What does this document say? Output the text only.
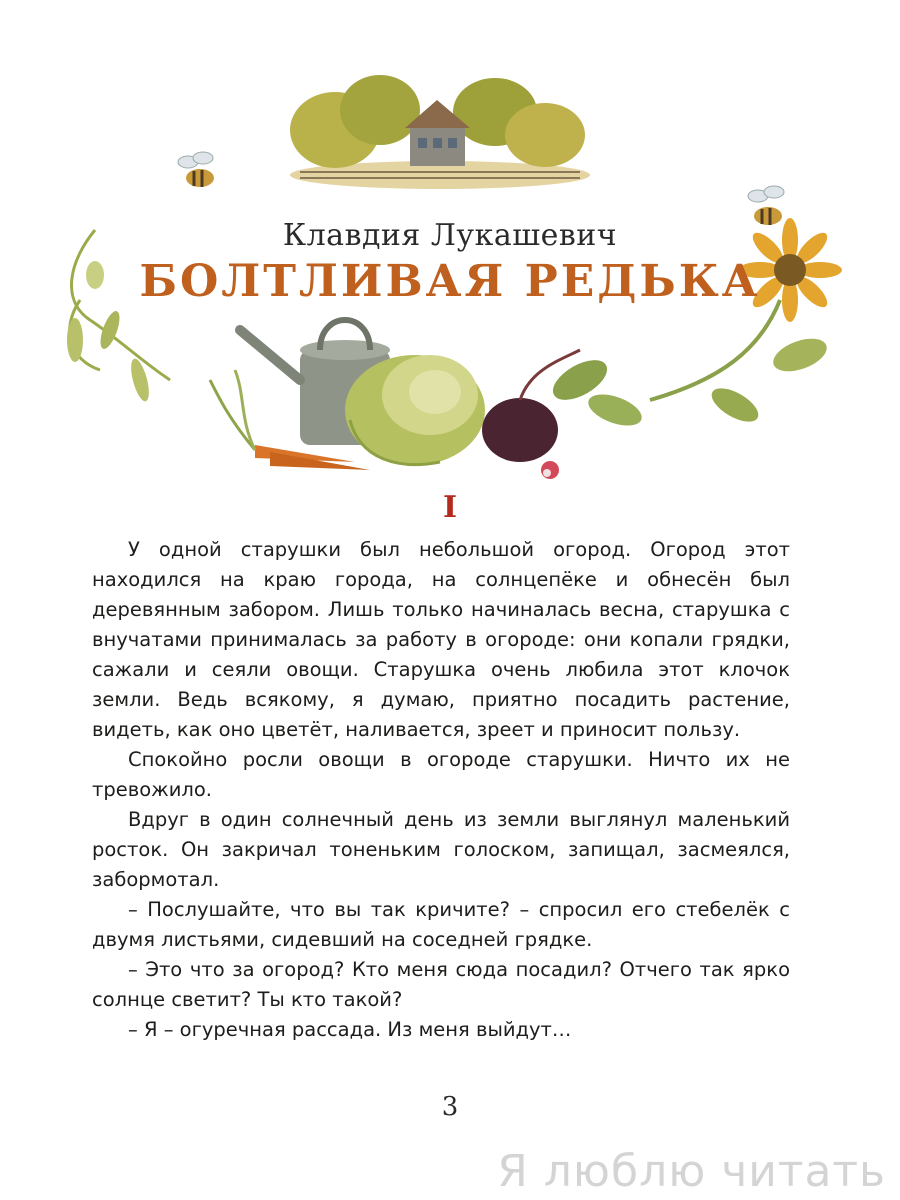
Клавдия Лукашевич
БОЛТЛИВАЯ РЕДЬКА
I

У одной старушки был небольшой огород. Огород этот находился на краю города, на солнцепёке и обнесён был деревянным забором. Лишь только начиналась весна, старушка с внучатами принималась за работу в огороде: они копали грядки, сажали и сеяли овощи. Старушка очень любила этот клочок земли. Ведь всякому, я думаю, приятно посадить растение, видеть, как оно цветёт, наливается, зреет и приносит пользу.

Спокойно росли овощи в огороде старушки. Ничто их не тревожило.

Вдруг в один солнечный день из земли выглянул маленький росток. Он закричал тоненьким голоском, запищал, засмеялся, забормотал.

– Послушайте, что вы так кричите? – спросил его стебелёк с двумя листьями, сидевший на соседней грядке.

– Это что за огород? Кто меня сюда посадил? Отчего так ярко солнце светит? Ты кто такой?

– Я – огуречная рассада. Из меня выйдут…

3
Я люблю читать
